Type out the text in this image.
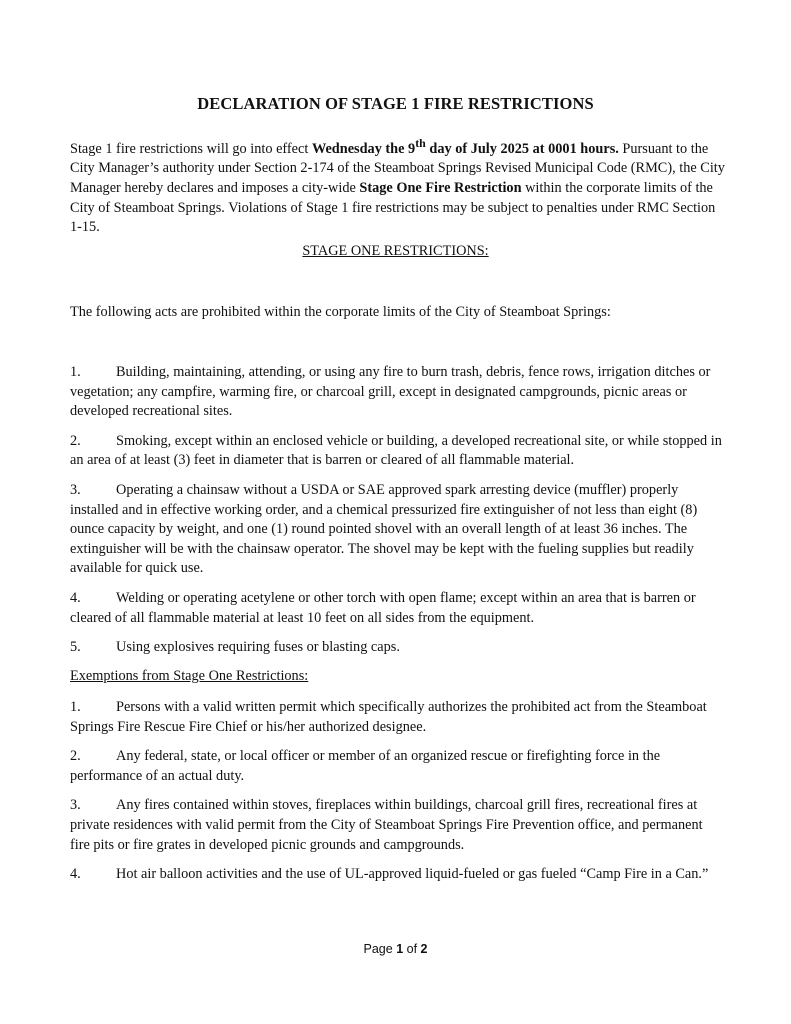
DECLARATION OF STAGE 1 FIRE RESTRICTIONS
Stage 1 fire restrictions will go into effect Wednesday the 9th day of July 2025 at 0001 hours. Pursuant to the City Manager’s authority under Section 2-174 of the Steamboat Springs Revised Municipal Code (RMC), the City Manager hereby declares and imposes a city-wide Stage One Fire Restriction within the corporate limits of the City of Steamboat Springs. Violations of Stage 1 fire restrictions may be subject to penalties under RMC Section 1-15.
STAGE ONE RESTRICTIONS:
The following acts are prohibited within the corporate limits of the City of Steamboat Springs:
1. Building, maintaining, attending, or using any fire to burn trash, debris, fence rows, irrigation ditches or vegetation; any campfire, warming fire, or charcoal grill, except in designated campgrounds, picnic areas or developed recreational sites.
2. Smoking, except within an enclosed vehicle or building, a developed recreational site, or while stopped in an area of at least (3) feet in diameter that is barren or cleared of all flammable material.
3. Operating a chainsaw without a USDA or SAE approved spark arresting device (muffler) properly installed and in effective working order, and a chemical pressurized fire extinguisher of not less than eight (8) ounce capacity by weight, and one (1) round pointed shovel with an overall length of at least 36 inches. The extinguisher will be with the chainsaw operator. The shovel may be kept with the fueling supplies but readily available for quick use.
4. Welding or operating acetylene or other torch with open flame; except within an area that is barren or cleared of all flammable material at least 10 feet on all sides from the equipment.
5. Using explosives requiring fuses or blasting caps.
Exemptions from Stage One Restrictions:
1. Persons with a valid written permit which specifically authorizes the prohibited act from the Steamboat Springs Fire Rescue Fire Chief or his/her authorized designee.
2. Any federal, state, or local officer or member of an organized rescue or firefighting force in the performance of an actual duty.
3. Any fires contained within stoves, fireplaces within buildings, charcoal grill fires, recreational fires at private residences with valid permit from the City of Steamboat Springs Fire Prevention office, and permanent fire pits or fire grates in developed picnic grounds and campgrounds.
4. Hot air balloon activities and the use of UL-approved liquid-fueled or gas fueled “Camp Fire in a Can.”
Page 1 of 2
